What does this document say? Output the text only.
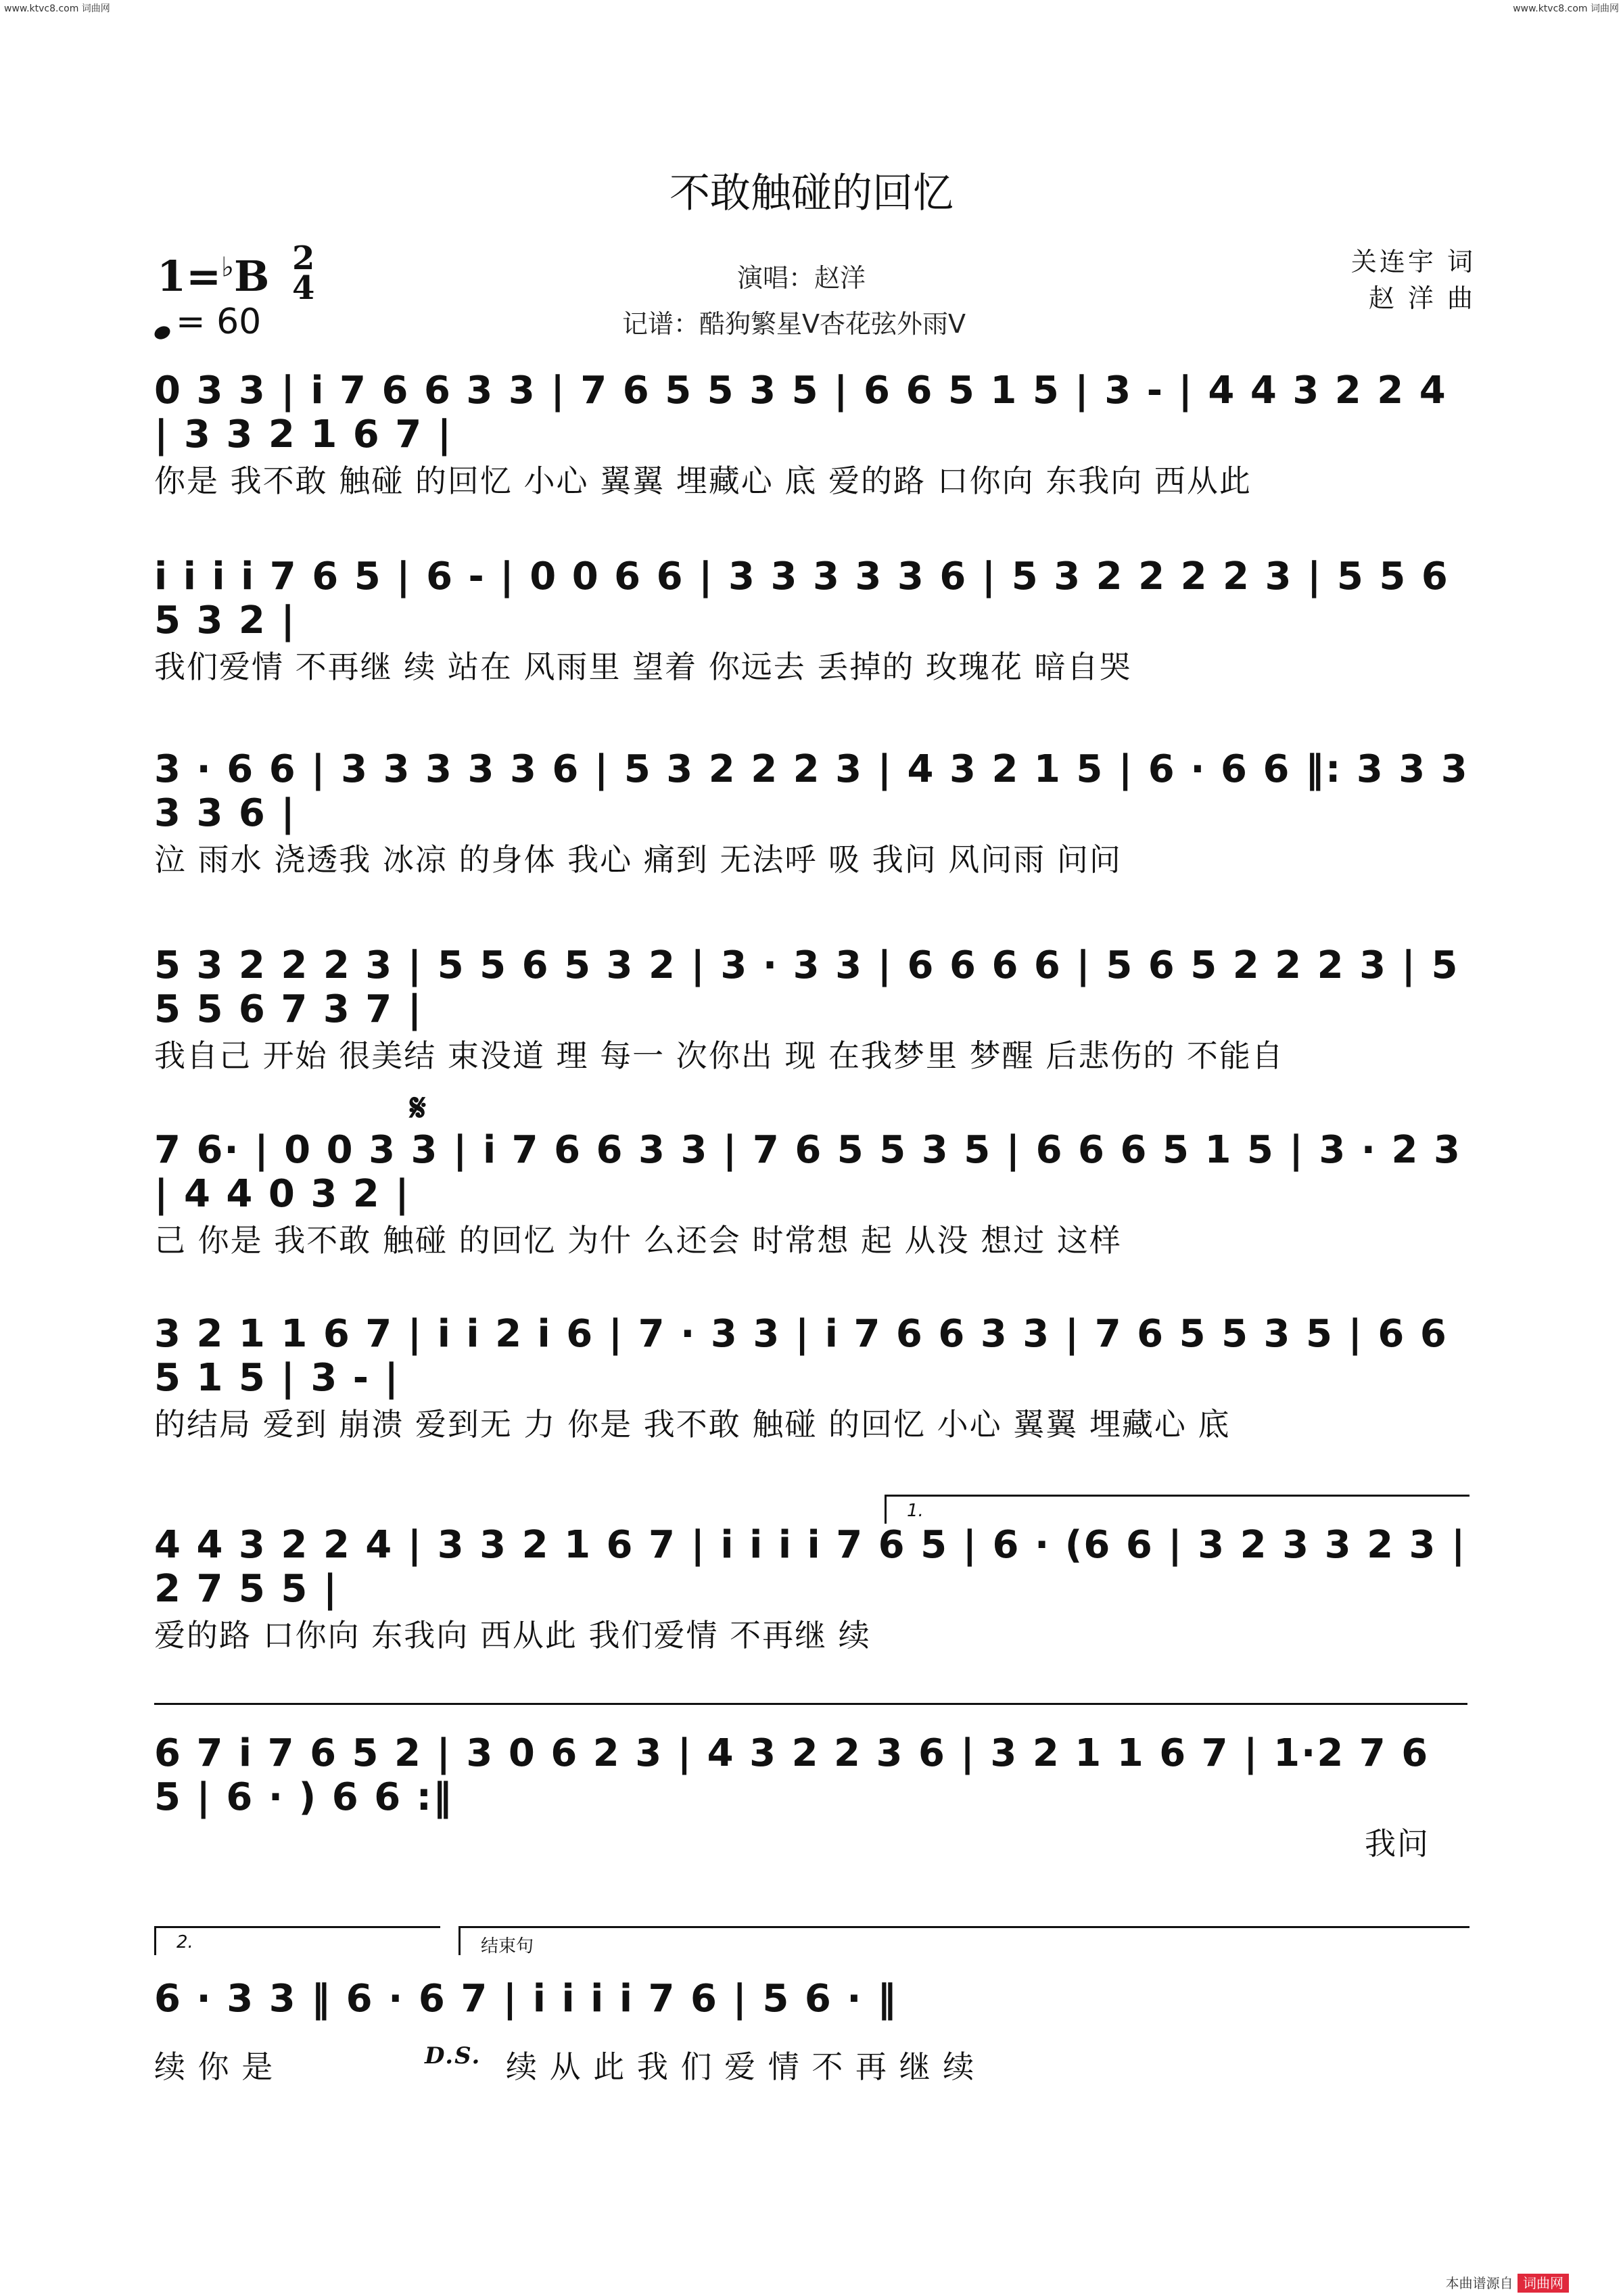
www.ktvc8.com 词曲网	www.ktvc8.com 词曲网
不敢触碰的回忆
1=♭B 2
4
= 60
演唱：赵洋
记谱：酷狗繁星V杏花弦外雨V
关连宇 词
赵 洋 曲
0 3 3 | i 7 6 6 3 3 | 7 6 5 5 3 5 | 6 6 5 1 5 | 3 - | 4 4 3 2 2 4 | 3 3 2 1 6 7 |
你是 我不敢 触碰 的回忆 小心 翼翼 埋藏心 底 爱的路 口你向 东我向 西从此
i i i i 7 6 5 | 6 - | 0 0 6 6 | 3 3 3 3 3 6 | 5 3 2 2 2 2 3 | 5 5 6 5 3 2 |
我们爱情 不再继 续 站在 风雨里 望着 你远去 丢掉的 玫瑰花 暗自哭
3 · 6 6 | 3 3 3 3 3 6 | 5 3 2 2 2 3 | 4 3 2 1 5 | 6 · 6 6 ‖: 3 3 3 3 3 6 |
泣 雨水 浇透我 冰凉 的身体 我心 痛到 无法呼 吸 我问 风问雨 问问
5 3 2 2 2 3 | 5 5 6 5 3 2 | 3 · 3 3 | 6 6 6 6 | 5 6 5 2 2 2 3 | 5 5 5 6 7 3 7 |
我自己 开始 很美结 束没道 理 每一 次你出 现 在我梦里 梦醒 后悲伤的 不能自
𝄋
7 6· | 0 0 3 3 | i 7 6 6 3 3 | 7 6 5 5 3 5 | 6 6 6 5 1 5 | 3 · 2 3 | 4 4 0 3 2 |
己 你是 我不敢 触碰 的回忆 为什 么还会 时常想 起 从没 想过 这样
3 2 1 1 6 7 | i i 2 i 6 | 7 · 3 3 | i 7 6 6 3 3 | 7 6 5 5 3 5 | 6 6 5 1 5 | 3 - |
的结局 爱到 崩溃 爱到无 力 你是 我不敢 触碰 的回忆 小心 翼翼 埋藏心 底
1.
4 4 3 2 2 4 | 3 3 2 1 6 7 | i i i i 7 6 5 | 6 · (6 6 | 3 2 3 3 2 3 | 2 7 5 5 |
爱的路 口你向 东我向 西从此 我们爱情 不再继 续
6 7 i 7 6 5 2 | 3 0 6 2 3 | 4 3 2 2 3 6 | 3 2 1 1 6 7 | 1·2 7 6 5 | 6 · ) 6 6 :‖
我问
2.	结束句
6 · 3 3 ‖ 6 · 6 7 | i i i i 7 6 | 5 6 · ‖
续 你 是	D.S. 续 从 此 我 们 爱 情 不 再 继 续
本曲谱源自 词曲网
